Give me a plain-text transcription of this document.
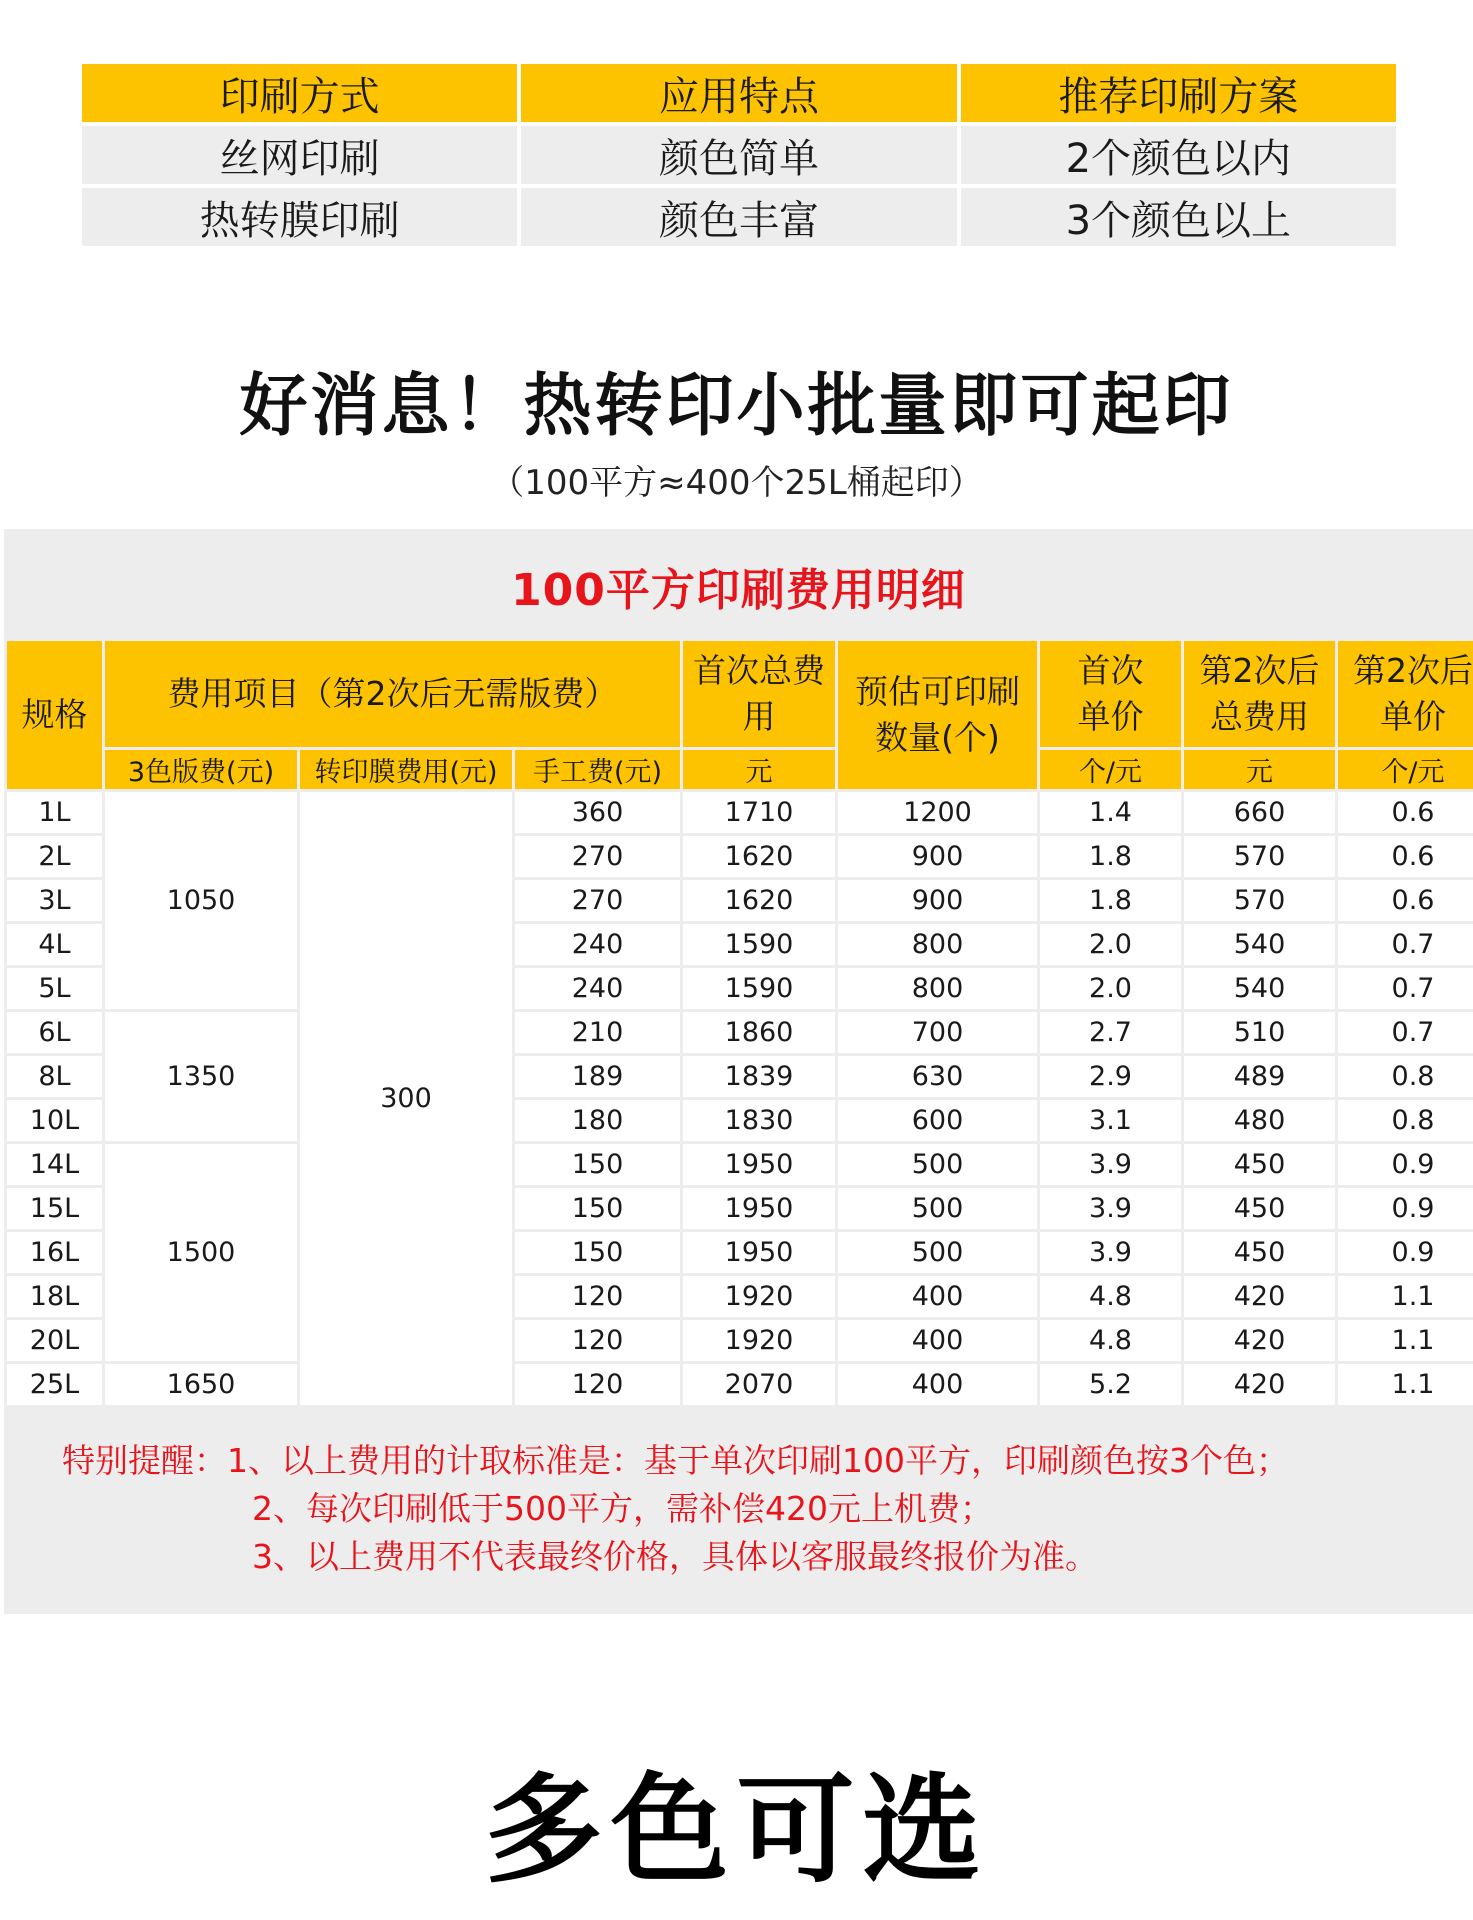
印刷方式	应用特点	推荐印刷方案
丝网印刷	颜色简单	2个颜色以内
热转膜印刷	颜色丰富	3个颜色以上
好消息！热转印小批量即可起印
（100平方≈400个25L桶起印）
100平方印刷费用明细
规格	费用项目（第2次后无需版费）			首次总费用	预估可印刷数量(个)	首次单价	第2次后总费用	第2次后单价
	3色版费(元)	转印膜费用(元)	手工费(元)	元		个/元	元	个/元
1L	1050	300	360	1710	1200	1.4	660	0.6
2L			270	1620	900	1.8	570	0.6
3L			270	1620	900	1.8	570	0.6
4L			240	1590	800	2.0	540	0.7
5L			240	1590	800	2.0	540	0.7
6L	1350		210	1860	700	2.7	510	0.7
8L			189	1839	630	2.9	489	0.8
10L			180	1830	600	3.1	480	0.8
14L	1500		150	1950	500	3.9	450	0.9
15L			150	1950	500	3.9	450	0.9
16L			150	1950	500	3.9	450	0.9
18L			120	1920	400	4.8	420	1.1
20L			120	1920	400	4.8	420	1.1
25L	1650		120	2070	400	5.2	420	1.1
特别提醒：1、以上费用的计取标准是：基于单次印刷100平方，印刷颜色按3个色；
2、每次印刷低于500平方，需补偿420元上机费；
3、以上费用不代表最终价格，具体以客服最终报价为准。
多色可选
